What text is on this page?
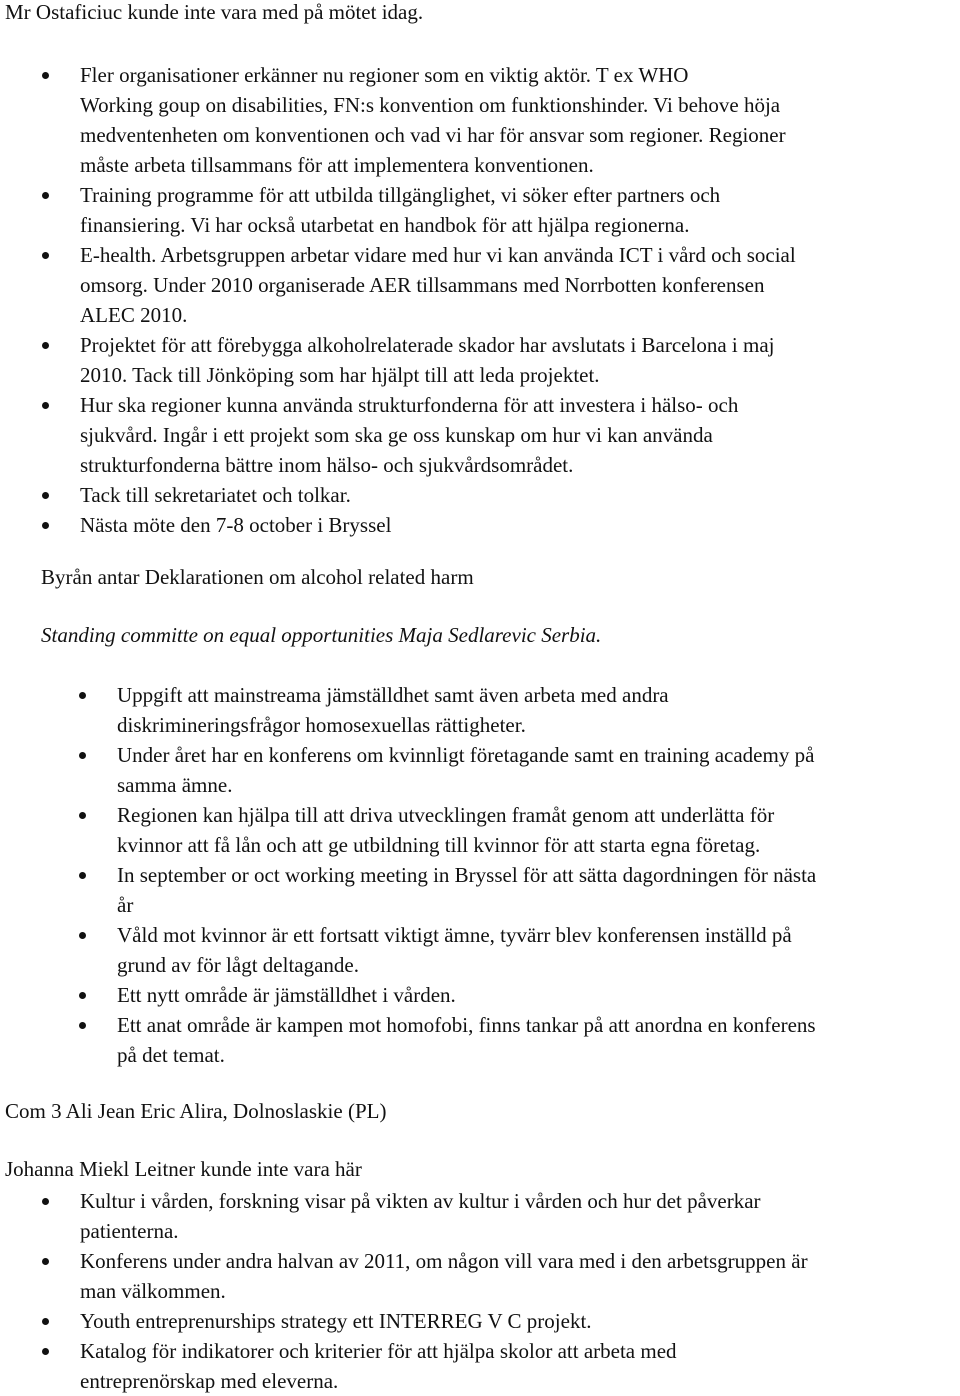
Mr Ostaficiuc kunde inte vara med på mötet idag.

Fler organisationer erkänner nu regioner som en viktig aktör. T ex WHO
Working goup on disabilities, FN:s konvention om funktionshinder. Vi behove höja
medventenheten om konventionen och vad vi har för ansvar som regioner. Regioner
måste arbeta tillsammans för att implementera konventionen.
Training programme för att utbilda tillgänglighet, vi söker efter partners och
finansiering. Vi har också utarbetat en handbok för att hjälpa regionerna.
E-health. Arbetsgruppen arbetar vidare med hur vi kan använda ICT i vård och social
omsorg. Under 2010 organiserade AER tillsammans med Norrbotten konferensen
ALEC 2010.
Projektet för att förebygga alkoholrelaterade skador har avslutats i Barcelona i maj
2010. Tack till Jönköping som har hjälpt till att leda projektet.
Hur ska regioner kunna använda strukturfonderna för att investera i hälso- och
sjukvård. Ingår i ett projekt som ska ge oss kunskap om hur vi kan använda
strukturfonderna bättre inom hälso- och sjukvårdsområdet.
Tack till sekretariatet och tolkar.
Nästa möte den 7-8 october i Bryssel

Byrån antar Deklarationen om alcohol related harm

Standing committe on equal opportunities Maja Sedlarevic Serbia.

Uppgift att mainstreama jämställdhet samt även arbeta med andra
diskrimineringsfrågor homosexuellas rättigheter.
Under året har en konferens om kvinnligt företagande samt en training academy på
samma ämne.
Regionen kan hjälpa till att driva utvecklingen framåt genom att underlätta för
kvinnor att få lån och att ge utbildning till kvinnor för att starta egna företag.
In september or oct working meeting in Bryssel för att sätta dagordningen för nästa
år
Våld mot kvinnor är ett fortsatt viktigt ämne, tyvärr blev konferensen inställd på
grund av för lågt deltagande.
Ett nytt område är jämställdhet i vården.
Ett anat område är kampen mot homofobi, finns tankar på att anordna en konferens
på det temat.

Com 3 Ali Jean Eric Alira, Dolnoslaskie (PL)

Johanna Miekl Leitner kunde inte vara här

Kultur i vården, forskning visar på vikten av kultur i vården och hur det påverkar
patienterna.
Konferens under andra halvan av 2011, om någon vill vara med i den arbetsgruppen är
man välkommen.
Youth entreprenurships strategy ett INTERREG V C projekt.
Katalog för indikatorer och kriterier för att hjälpa skolor att arbeta med
entreprenörskap med eleverna.
